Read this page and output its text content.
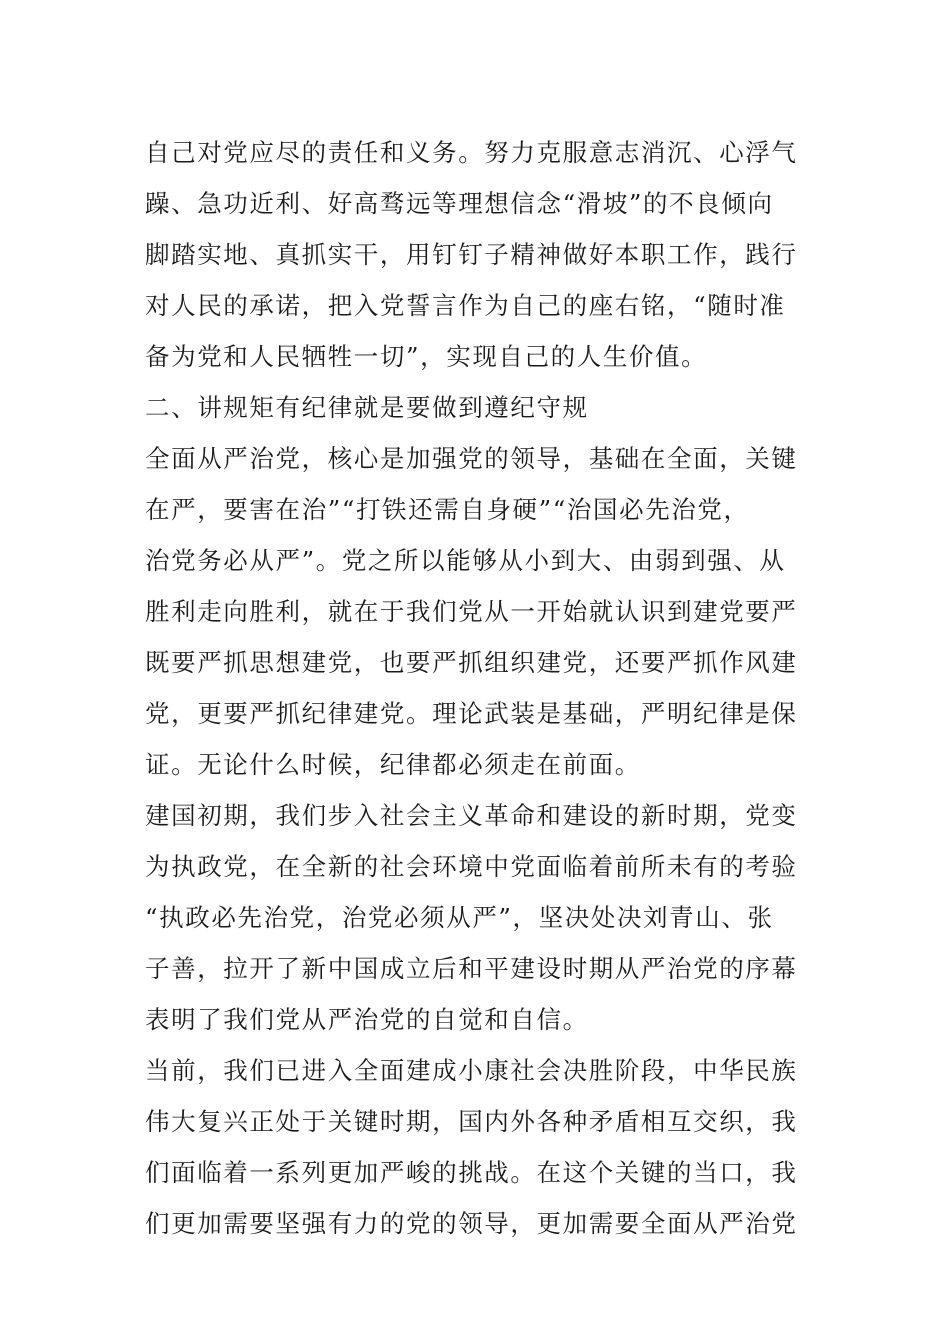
自己对党应尽的责任和义务。努力克服意志消沉、心浮气
躁、急功近利、好高骛远等理想信念“滑坡”的不良倾向
脚踏实地、真抓实干，用钉钉子精神做好本职工作，践行
对人民的承诺，把入党誓言作为自己的座右铭，“随时准
备为党和人民牺牲一切”，实现自己的人生价值。
二、讲规矩有纪律就是要做到遵纪守规
全面从严治党，核心是加强党的领导，基础在全面，关键
在严，要害在治”“打铁还需自身硬”“治国必先治党，
治党务必从严”。党之所以能够从小到大、由弱到强、从
胜利走向胜利，就在于我们党从一开始就认识到建党要严
既要严抓思想建党，也要严抓组织建党，还要严抓作风建
党，更要严抓纪律建党。理论武装是基础，严明纪律是保
证。无论什么时候，纪律都必须走在前面。
建国初期，我们步入社会主义革命和建设的新时期，党变
为执政党，在全新的社会环境中党面临着前所未有的考验
“执政必先治党，治党必须从严”，坚决处决刘青山、张
子善，拉开了新中国成立后和平建设时期从严治党的序幕
表明了我们党从严治党的自觉和自信。
当前，我们已进入全面建成小康社会决胜阶段，中华民族
伟大复兴正处于关键时期，国内外各种矛盾相互交织，我
们面临着一系列更加严峻的挑战。在这个关键的当口，我
们更加需要坚强有力的党的领导，更加需要全面从严治党
